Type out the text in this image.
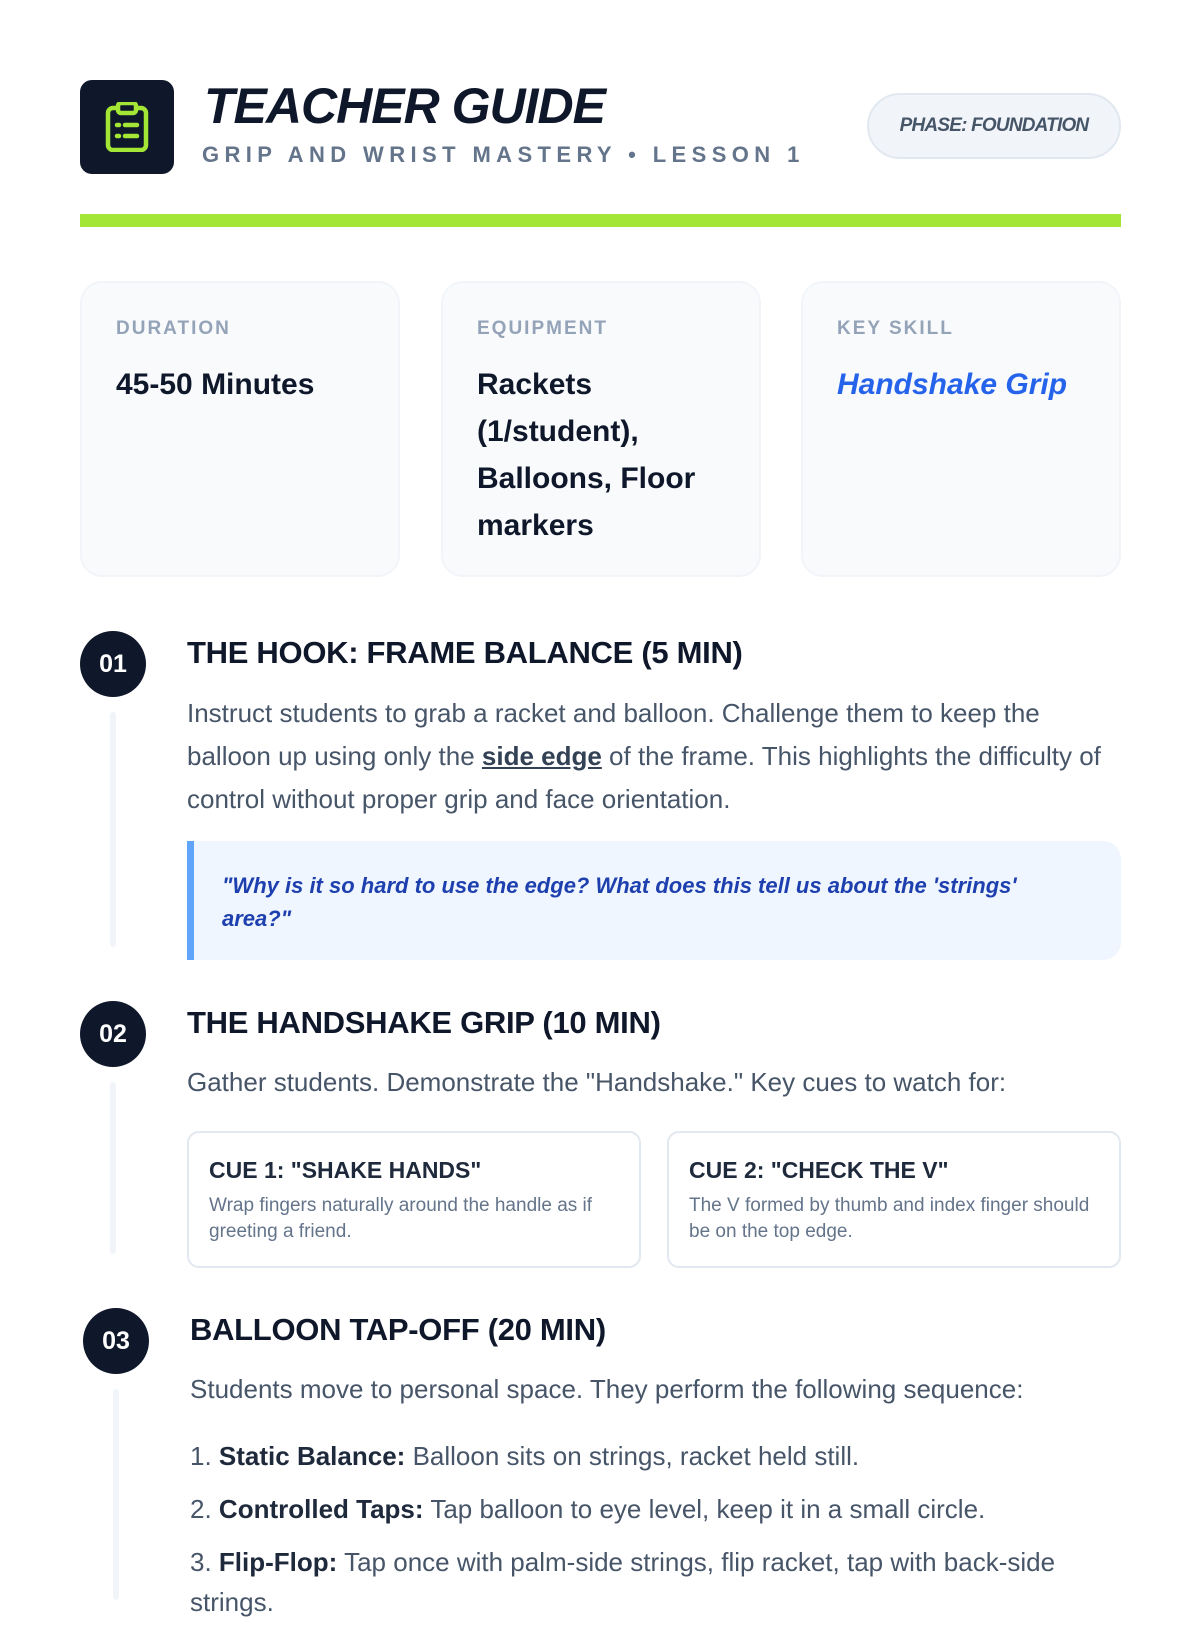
TEACHER GUIDE
GRIP AND WRIST MASTERY • LESSON 1
PHASE: FOUNDATION
DURATION
45-50 Minutes
EQUIPMENT
Rackets (1/student), Balloons, Floor markers
KEY SKILL
Handshake Grip
01	THE HOOK: FRAME BALANCE (5 MIN)

Instruct students to grab a racket and balloon. Challenge them to keep the balloon up using only the side edge of the frame. This highlights the difficulty of control without proper grip and face orientation.

"Why is it so hard to use the edge? What does this tell us about the 'strings' area?"
02	THE HANDSHAKE GRIP (10 MIN)

Gather students. Demonstrate the "Handshake." Key cues to watch for:

CUE 1: "SHAKE HANDS"
Wrap fingers naturally around the handle as if greeting a friend.
CUE 2: "CHECK THE V"
The V formed by thumb and index finger should be on the top edge.
03	BALLOON TAP-OFF (20 MIN)

Students move to personal space. They perform the following sequence:

1. Static Balance: Balloon sits on strings, racket held still.
2. Controlled Taps: Tap balloon to eye level, keep it in a small circle.
3. Flip-Flop: Tap once with palm-side strings, flip racket, tap with back-side strings.
